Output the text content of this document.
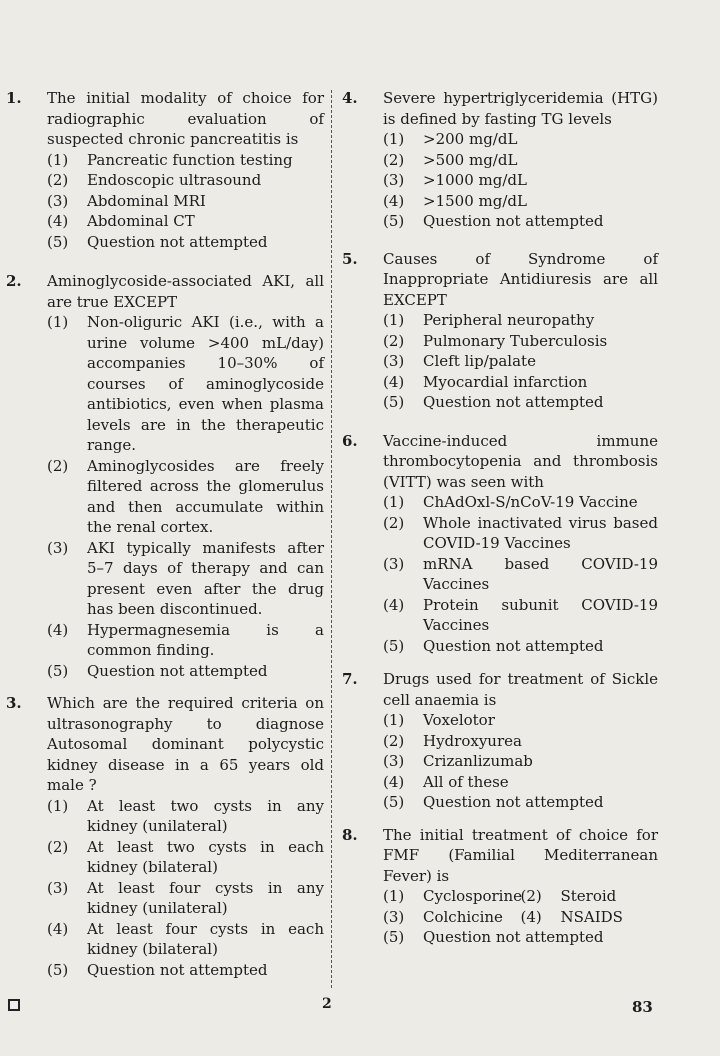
1.	The initial modality of choice for radiographic evaluation of suspected chronic pancreatitis is
(1)	Pancreatic function testing
(2)	Endoscopic ultrasound
(3)	Abdominal MRI
(4)	Abdominal CT
(5)	Question not attempted
2.	Aminoglycoside-associated AKI, all are true EXCEPT
(1)	Non-oliguric AKI (i.e., with a urine volume >400 mL/day) accompanies 10–30% of courses of aminoglycoside antibiotics, even when plasma levels are in the therapeutic range.
(2)	Aminoglycosides are freely filtered across the glomerulus and then accumulate within the renal cortex.
(3)	AKI typically manifests after 5–7 days of therapy and can present even after the drug has been discontinued.
(4)	Hypermagnesemia is a common finding.
(5)	Question not attempted
3.	Which are the required criteria on ultrasonography to diagnose Autosomal dominant polycystic kidney disease in a 65 years old male ?
(1)	At least two cysts in any kidney (unilateral)
(2)	At least two cysts in each kidney (bilateral)
(3)	At least four cysts in any kidney (unilateral)
(4)	At least four cysts in each kidney (bilateral)
(5)	Question not attempted
4.	Severe hypertriglyceridemia (HTG) is defined by fasting TG levels
(1)	>200 mg/dL
(2)	>500 mg/dL
(3)	>1000 mg/dL
(4)	>1500 mg/dL
(5)	Question not attempted
5.	Causes of Syndrome of Inappropriate Antidiuresis are all EXCEPT
(1)	Peripheral neuropathy
(2)	Pulmonary Tuberculosis
(3)	Cleft lip/palate
(4)	Myocardial infarction
(5)	Question not attempted
6.	Vaccine-induced immune thrombocytopenia and thrombosis (VITT) was seen with
(1)	ChAdOxl-S/nCoV-19 Vaccine
(2)	Whole inactivated virus based COVID-19 Vaccines
(3)	mRNA based COVID-19 Vaccines
(4)	Protein subunit COVID-19 Vaccines
(5)	Question not attempted
7.	Drugs used for treatment of Sickle cell anaemia is
(1)	Voxelotor
(2)	Hydroxyurea
(3)	Crizanlizumab
(4)	All of these
(5)	Question not attempted
8.	The initial treatment of choice for FMF (Familial Mediterranean Fever) is
(1)	Cyclosporine
(2)	Steroid
(3)	Colchicine	(4)	NSAIDS
(5)	Question not attempted
2	83
